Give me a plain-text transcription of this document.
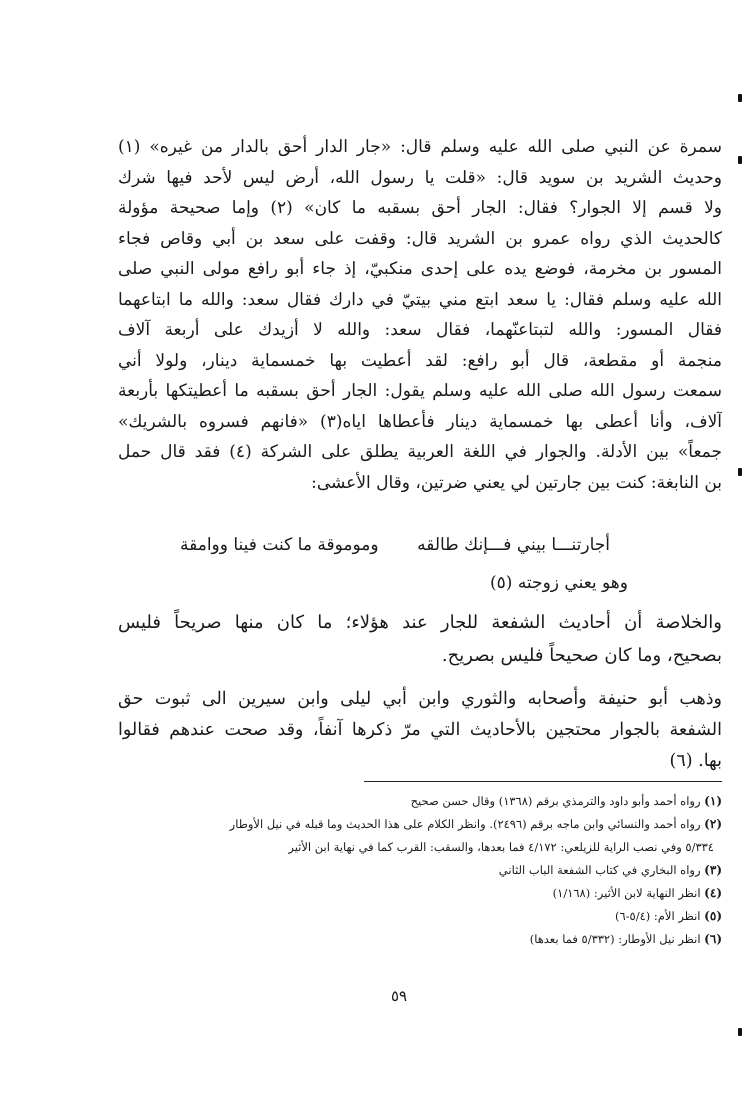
سمرة عن النبي صلى الله عليه وسلم قال: «جار الدار أحق بالدار من غيره» (١)
وحديث الشريد بن سويد قال: «قلت يا رسول الله، أرض ليس لأحد فيها شرك
ولا قسم إلا الجوار؟ فقال: الجار أحق بسقبه ما كان» (٢) وإما صحيحة مؤولة
كالحديث الذي رواه عمرو بن الشريد قال: وقفت على سعد بن أبي وقاص فجاء
المسور بن مخرمة، فوضع يده على إحدى منكبيّ، إذ جاء أبو رافع مولى النبي صلى
الله عليه وسلم فقال: يا سعد ابتع مني بيتيّ في دارك فقال سعد: والله ما ابتاعهما
فقال المسور: والله لتبتاعنّهما، فقال سعد: والله لا أزيدك على أربعة آلاف
منجمة أو مقطعة، قال أبو رافع: لقد أعطيت بها خمسماية دينار، ولولا أني
سمعت رسول الله صلى الله عليه وسلم يقول: الجار أحق بسقبه ما أعطيتكها بأربعة
آلاف، وأنا أعطى بها خمسماية دينار فأعطاها اياه(٣) «فانهم فسروه بالشريك»
جمعاً» بين الأدلة. والجوار في اللغة العربية يطلق على الشركة (٤) فقد قال حمل
بن النابغة: كنت بين جارتين لي يعني ضرتين، وقال الأعشى:
أجارتنـــا بيني فـــإنك طالقه
وموموقة ما كنت فينا ووامقة
وهو يعني زوجته (٥)
والخلاصة أن أحاديث الشفعة للجار عند هؤلاء؛ ما كان منها صريحاً فليس
بصحيح، وما كان صحيحاً فليس بصريح.
وذهب أبو حنيفة وأصحابه والثوري وابن أبي ليلى وابن سيرين الى ثبوت حق
الشفعة بالجوار محتجين بالأحاديث التي مرّ ذكرها آنفاً، وقد صحت عندهم فقالوا
بها. (٦)
(١) رواه أحمد وأبو داود والترمذي برقم (١٣٦٨) وقال حسن صحيح
(٢) رواه أحمد والنسائي وابن ماجه برقم (٢٤٩٦). وانظر الكلام على هذا الحديث وما قبله في نيل الأوطار
٥/٣٣٤ وفي نصب الراية للزيلعي: ٤/١٧٢ فما بعدها، والسقب: القرب كما في نهاية ابن الأثير
(٣) رواه البخاري في كتاب الشفعة الباب الثاني
(٤) انظر النهاية لابن الأثير: (١/١٦٨)
(٥) انظر الأم: (٥/٤-٦)
(٦) انظر نيل الأوطار: (٥/٣٣٢ فما بعدها)
٥٩
